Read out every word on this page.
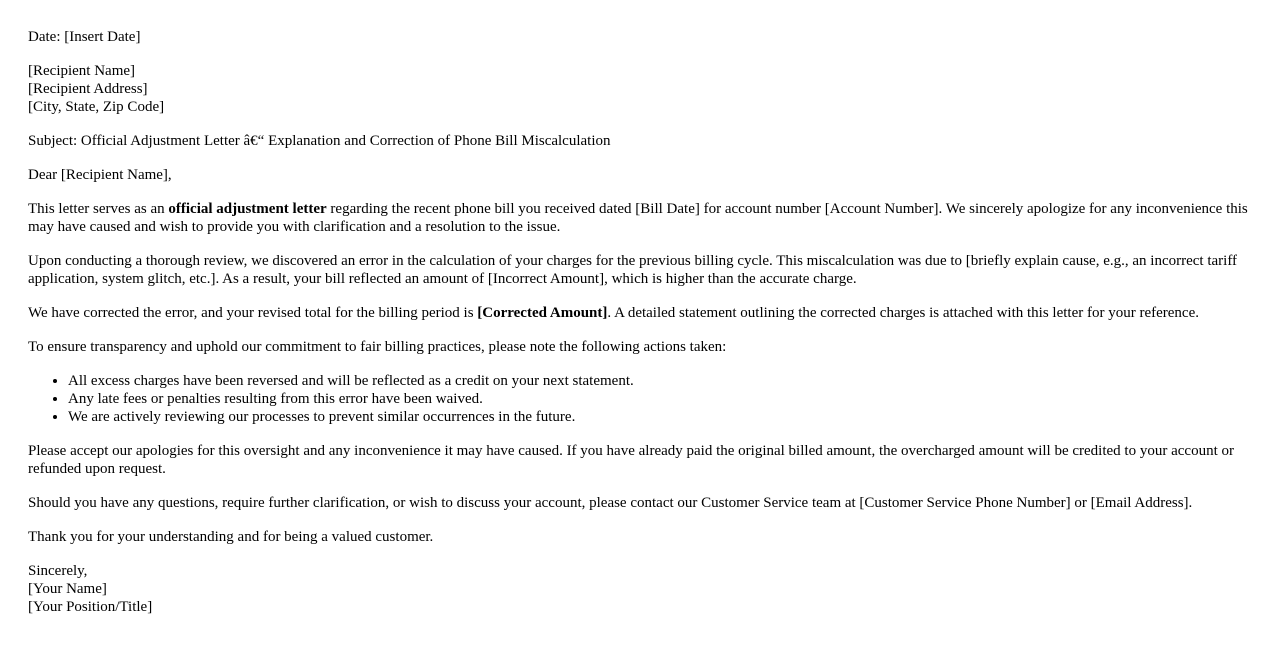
Date: [Insert Date]

[Recipient Name]
[Recipient Address]
[City, State, Zip Code]

Subject: Official Adjustment Letter â€“ Explanation and Correction of Phone Bill Miscalculation

Dear [Recipient Name],

This letter serves as an official adjustment letter regarding the recent phone bill you received dated [Bill Date] for account number [Account Number]. We sincerely apologize for any inconvenience this may have caused and wish to provide you with clarification and a resolution to the issue.

Upon conducting a thorough review, we discovered an error in the calculation of your charges for the previous billing cycle. This miscalculation was due to [briefly explain cause, e.g., an incorrect tariff application, system glitch, etc.]. As a result, your bill reflected an amount of [Incorrect Amount], which is higher than the accurate charge.

We have corrected the error, and your revised total for the billing period is [Corrected Amount]. A detailed statement outlining the corrected charges is attached with this letter for your reference.

To ensure transparency and uphold our commitment to fair billing practices, please note the following actions taken:

• All excess charges have been reversed and will be reflected as a credit on your next statement.
• Any late fees or penalties resulting from this error have been waived.
• We are actively reviewing our processes to prevent similar occurrences in the future.

Please accept our apologies for this oversight and any inconvenience it may have caused. If you have already paid the original billed amount, the overcharged amount will be credited to your account or refunded upon request.

Should you have any questions, require further clarification, or wish to discuss your account, please contact our Customer Service team at [Customer Service Phone Number] or [Email Address].

Thank you for your understanding and for being a valued customer.

Sincerely,
[Your Name]
[Your Position/Title]
